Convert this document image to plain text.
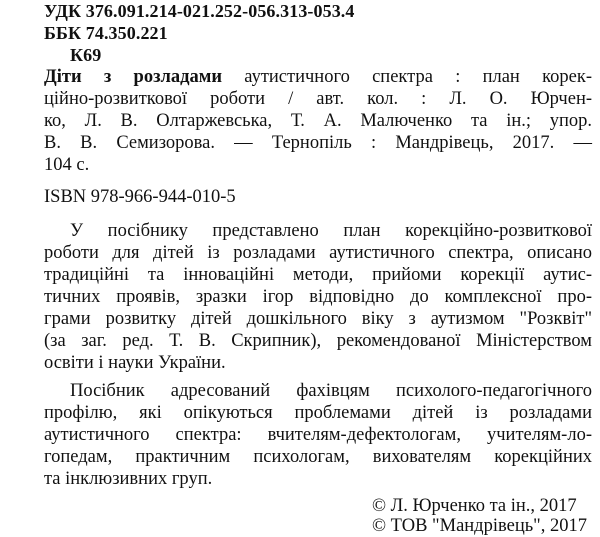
УДК 376.091.214-021.252-056.313-053.4
ББК 74.350.221
К69
Діти з розладами аутистичного спектра : план корек-
ційно-розвиткової роботи / авт. кол. : Л. О. Юрчен-
ко, Л. В. Олтаржевська, Т. А. Малюченко та ін.; упор.
В. В. Семизорова. — Тернопіль : Мандрівець, 2017. —
104 с.
ISBN 978-966-944-010-5
У посібнику представлено план корекційно-розвиткової
роботи для дітей із розладами аутистичного спектра, описано
традиційні та інноваційні методи, прийоми корекції аутис-
тичних проявів, зразки ігор відповідно до комплексної про-
грами розвитку дітей дошкільного віку з аутизмом "Розквіт"
(за заг. ред. Т. В. Скрипник), рекомендованої Міністерством
освіти і науки України.
Посібник адресований фахівцям психолого-педагогічного
профілю, які опікуються проблемами дітей із розладами
аутистичного спектра: вчителям-дефектологам, учителям-ло-
гопедам, практичним психологам, вихователям корекційних
та інклюзивних груп.
© Л. Юрченко та ін., 2017
© ТОВ "Мандрівець", 2017
